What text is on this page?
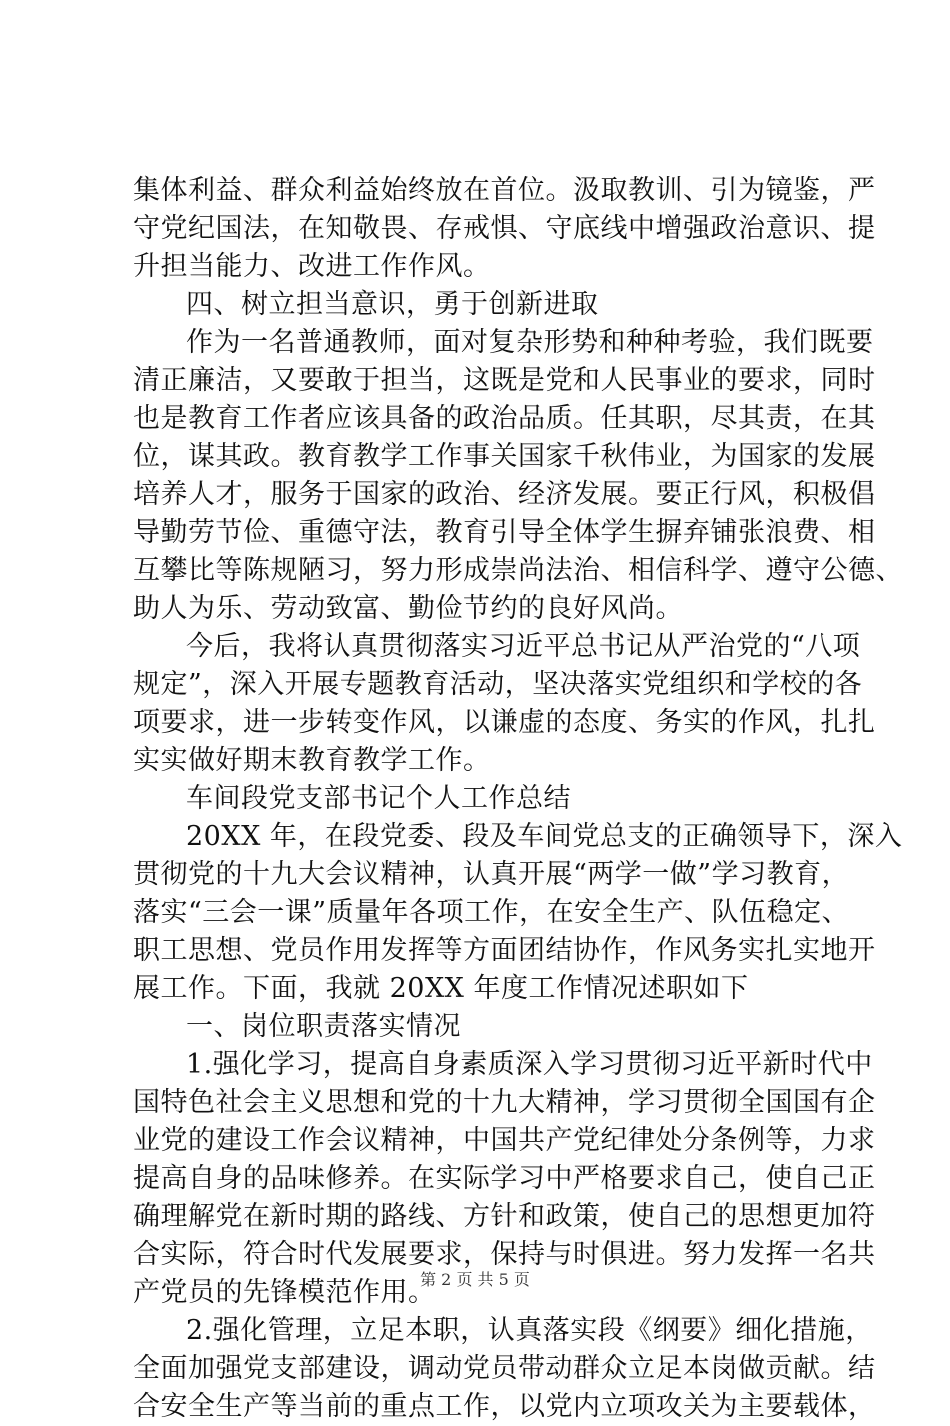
集体利益、群众利益始终放在首位。汲取教训、引为镜鉴，严
守党纪国法，在知敬畏、存戒惧、守底线中增强政治意识、提
升担当能力、改进工作作风。
四、树立担当意识，勇于创新进取
作为一名普通教师，面对复杂形势和种种考验，我们既要
清正廉洁，又要敢于担当，这既是党和人民事业的要求，同时
也是教育工作者应该具备的政治品质。任其职，尽其责，在其
位，谋其政。教育教学工作事关国家千秋伟业，为国家的发展
培养人才，服务于国家的政治、经济发展。要正行风，积极倡
导勤劳节俭、重德守法，教育引导全体学生摒弃铺张浪费、相
互攀比等陈规陋习，努力形成崇尚法治、相信科学、遵守公德、
助人为乐、劳动致富、勤俭节约的良好风尚。
今后，我将认真贯彻落实习近平总书记从严治党的“八项
规定”，深入开展专题教育活动，坚决落实党组织和学校的各
项要求，进一步转变作风，以谦虚的态度、务实的作风，扎扎
实实做好期末教育教学工作。
车间段党支部书记个人工作总结
20XX 年，在段党委、段及车间党总支的正确领导下，深入
贯彻党的十九大会议精神，认真开展“两学一做”学习教育，
落实“三会一课”质量年各项工作，在安全生产、队伍稳定、
职工思想、党员作用发挥等方面团结协作，作风务实扎实地开
展工作。下面，我就 20XX 年度工作情况述职如下
一、岗位职责落实情况
1.强化学习，提高自身素质深入学习贯彻习近平新时代中
国特色社会主义思想和党的十九大精神，学习贯彻全国国有企
业党的建设工作会议精神，中国共产党纪律处分条例等，力求
提高自身的品味修养。在实际学习中严格要求自己，使自己正
确理解党在新时期的路线、方针和政策，使自己的思想更加符
合实际，符合时代发展要求，保持与时俱进。努力发挥一名共
产党员的先锋模范作用。
2.强化管理，立足本职，认真落实段《纲要》细化措施，
全面加强党支部建设，调动党员带动群众立足本岗做贡献。结
合安全生产等当前的重点工作，以党内立项攻关为主要载体，
第 2 页 共 5 页
